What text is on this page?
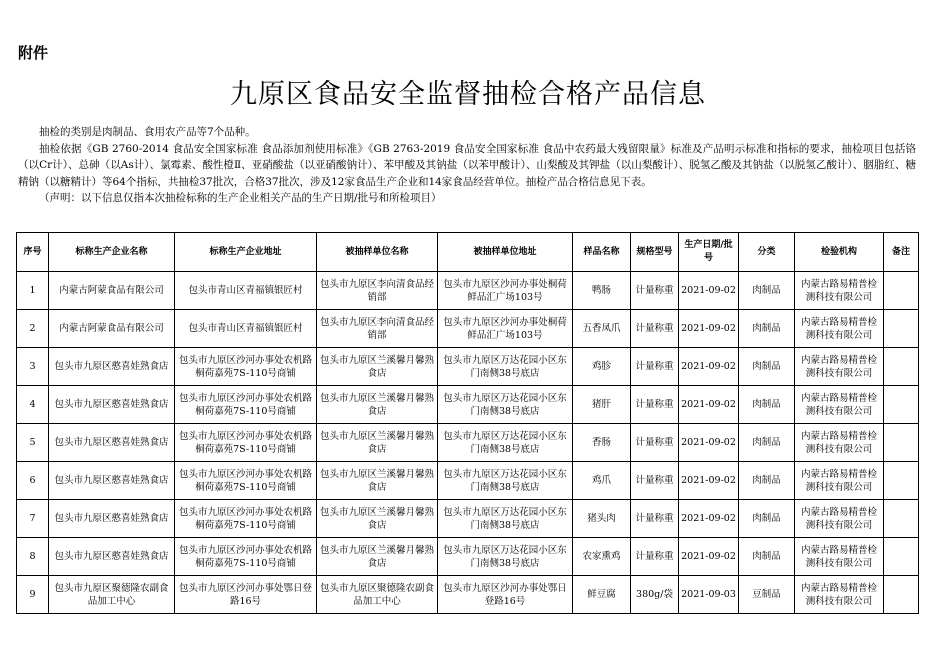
附件
九原区食品安全监督抽检合格产品信息

抽检的类别是肉制品、食用农产品等7个品种。

抽检依据《GB 2760-2014 食品安全国家标准 食品添加剂使用标准》《GB 2763-2019 食品安全国家标准 食品中农药最大残留限量》标准及产品明示标准和指标的要求，抽检项目包括铬（以Cr计）、总砷（以As计）、氯霉素、酸性橙Ⅱ、亚硝酸盐（以亚硝酸钠计）、苯甲酸及其钠盐（以苯甲酸计）、山梨酸及其钾盐（以山梨酸计）、脱氢乙酸及其钠盐（以脱氢乙酸计）、胭脂红、糖精钠（以糖精计）等64个指标，共抽检37批次，合格37批次，涉及12家食品生产企业和14家食品经营单位。抽检产品合格信息见下表。

（声明：以下信息仅指本次抽检标称的生产企业相关产品的生产日期/批号和所检项目）

序号	标称生产企业名称	标称生产企业地址	被抽样单位名称	被抽样单位地址	样品名称	规格型号	生产日期/批号	分类	检验机构	备注
1	内蒙古阿蒙食品有限公司	包头市青山区青福镇银匠村	包头市九原区李向清食品经销部	包头市九原区沙河办事处桐荷鲜品汇广场103号	鸭肠	计量称重	2021-09-02	肉制品	内蒙古路易精普检测科技有限公司	
2	内蒙古阿蒙食品有限公司	包头市青山区青福镇银匠村	包头市九原区李向清食品经销部	包头市九原区沙河办事处桐荷鲜品汇广场103号	五香凤爪	计量称重	2021-09-02	肉制品	内蒙古路易精普检测科技有限公司	
3	包头市九原区憨喜娃熟食店	包头市九原区沙河办事处农机路桐荷嘉苑7S-110号商铺	包头市九原区兰溪馨月馨熟食店	包头市九原区万达花园小区东门南侧38号底店	鸡胗	计量称重	2021-09-02	肉制品	内蒙古路易精普检测科技有限公司	
4	包头市九原区憨喜娃熟食店	包头市九原区沙河办事处农机路桐荷嘉苑7S-110号商铺	包头市九原区兰溪馨月馨熟食店	包头市九原区万达花园小区东门南侧38号底店	猪肝	计量称重	2021-09-02	肉制品	内蒙古路易精普检测科技有限公司	
5	包头市九原区憨喜娃熟食店	包头市九原区沙河办事处农机路桐荷嘉苑7S-110号商铺	包头市九原区兰溪馨月馨熟食店	包头市九原区万达花园小区东门南侧38号底店	香肠	计量称重	2021-09-02	肉制品	内蒙古路易精普检测科技有限公司	
6	包头市九原区憨喜娃熟食店	包头市九原区沙河办事处农机路桐荷嘉苑7S-110号商铺	包头市九原区兰溪馨月馨熟食店	包头市九原区万达花园小区东门南侧38号底店	鸡爪	计量称重	2021-09-02	肉制品	内蒙古路易精普检测科技有限公司	
7	包头市九原区憨喜娃熟食店	包头市九原区沙河办事处农机路桐荷嘉苑7S-110号商铺	包头市九原区兰溪馨月馨熟食店	包头市九原区万达花园小区东门南侧38号底店	猪头肉	计量称重	2021-09-02	肉制品	内蒙古路易精普检测科技有限公司	
8	包头市九原区憨喜娃熟食店	包头市九原区沙河办事处农机路桐荷嘉苑7S-110号商铺	包头市九原区兰溪馨月馨熟食店	包头市九原区万达花园小区东门南侧38号底店	农家熏鸡	计量称重	2021-09-02	肉制品	内蒙古路易精普检测科技有限公司	
9	包头市九原区聚德隆农副食品加工中心	包头市九原区沙河办事处鄂日登路16号	包头市九原区聚德隆农副食品加工中心	包头市九原区沙河办事处鄂日登路16号	鲜豆腐	380g/袋	2021-09-03	豆制品	内蒙古路易精普检测科技有限公司	
